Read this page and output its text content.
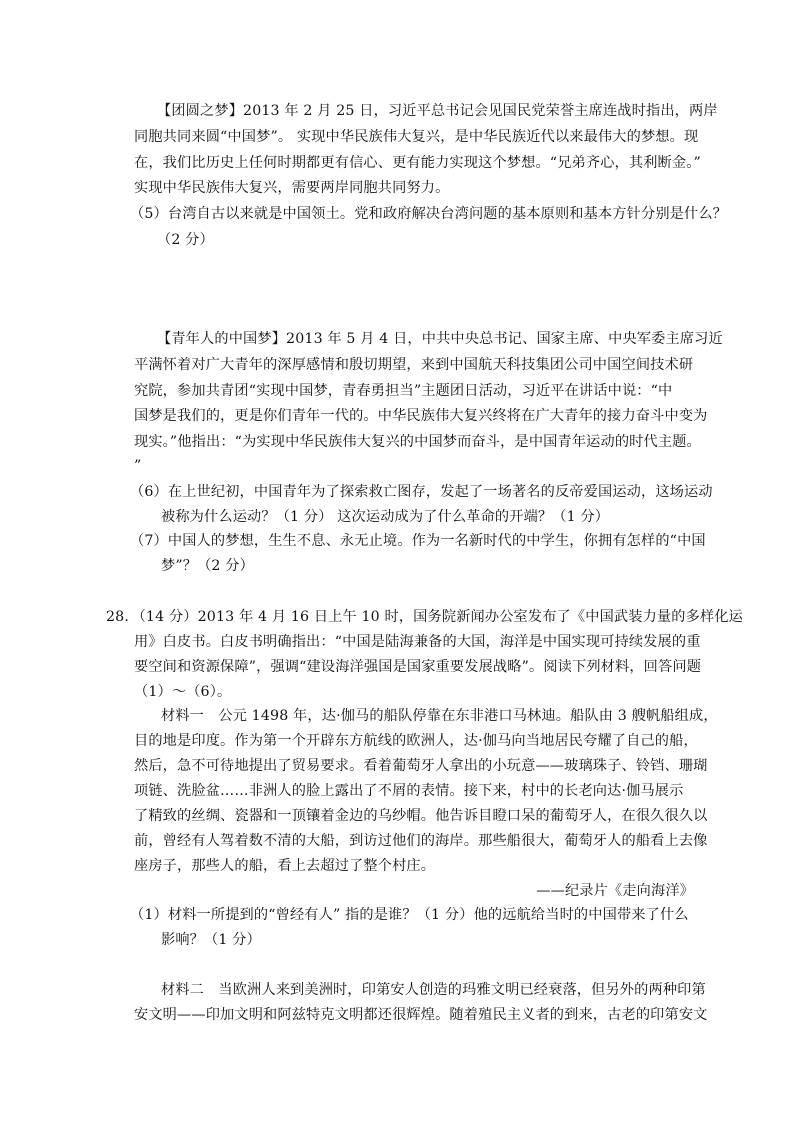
【团圆之梦】2013 年 2 月 25 日，习近平总书记会见国民党荣誉主席连战时指出，两岸
同胞共同来圆“中国梦”。 实现中华民族伟大复兴，是中华民族近代以来最伟大的梦想。现
在，我们比历史上任何时期都更有信心、更有能力实现这个梦想。“兄弟齐心，其利断金。”
实现中华民族伟大复兴，需要两岸同胞共同努力。
（5）台湾自古以来就是中国领土。党和政府解决台湾问题的基本原则和基本方针分别是什么？
（2 分）
【青年人的中国梦】2013 年 5 月 4 日，中共中央总书记、国家主席、中央军委主席习近
平满怀着对广大青年的深厚感情和殷切期望，来到中国航天科技集团公司中国空间技术研
究院，参加共青团“实现中国梦，青春勇担当”主题团日活动，习近平在讲话中说：“中
国梦是我们的，更是你们青年一代的。中华民族伟大复兴终将在广大青年的接力奋斗中变为
现实。”他指出：“为实现中华民族伟大复兴的中国梦而奋斗，是中国青年运动的时代主题。
”
（6）在上世纪初，中国青年为了探索救亡图存，发起了一场著名的反帝爱国运动，这场运动
被称为什么运动？（1 分） 这次运动成为了什么革命的开端？（1 分）
（7）中国人的梦想，生生不息、永无止境。作为一名新时代的中学生，你拥有怎样的“中国
梦”？（2 分）
28．（14 分）2013 年 4 月 16 日上午 10 时，国务院新闻办公室发布了《中国武装力量的多样化运
用》白皮书。白皮书明确指出：“中国是陆海兼备的大国，海洋是中国实现可持续发展的重
要空间和资源保障”，强调“建设海洋强国是国家重要发展战略”。阅读下列材料，回答问题
（1）～（6）。
材料一　公元 1498 年，达·伽马的船队停靠在东非港口马林迪。船队由 3 艘帆船组成，
目的地是印度。作为第一个开辟东方航线的欧洲人，达·伽马向当地居民夸耀了自己的船，
然后，急不可待地提出了贸易要求。看着葡萄牙人拿出的小玩意——玻璃珠子、铃铛、珊瑚
项链、洗脸盆……非洲人的脸上露出了不屑的表情。接下来，村中的长老向达·伽马展示
了精致的丝绸、瓷器和一顶镶着金边的乌纱帽。他告诉目瞪口呆的葡萄牙人，在很久很久以
前，曾经有人驾着数不清的大船，到访过他们的海岸。那些船很大，葡萄牙人的船看上去像
座房子，那些人的船，看上去超过了整个村庄。
——纪录片《走向海洋》
（1）材料一所提到的“曾经有人” 指的是谁？（1 分）他的远航给当时的中国带来了什么
影响？（1 分）
材料二　当欧洲人来到美洲时，印第安人创造的玛雅文明已经衰落，但另外的两种印第
安文明——印加文明和阿兹特克文明都还很辉煌。随着殖民主义者的到来，古老的印第安文
